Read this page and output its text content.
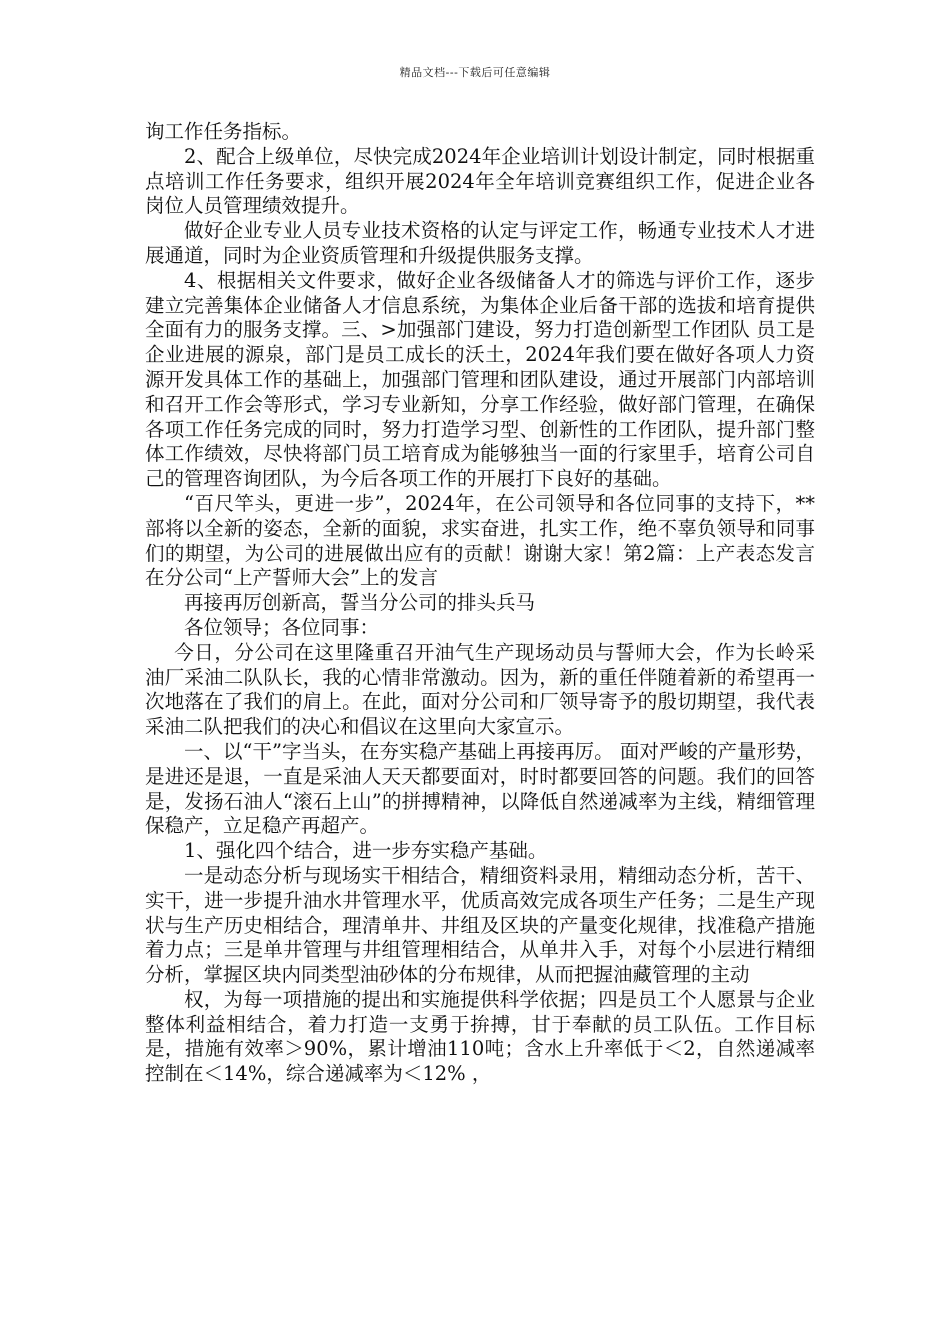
精品文档---下载后可任意编辑

询工作任务指标。

2、配合上级单位，尽快完成2024年企业培训计划设计制定，同时根据重点培训工作任务要求，组织开展2024年全年培训竞赛组织工作，促进企业各岗位人员管理绩效提升。

做好企业专业人员专业技术资格的认定与评定工作，畅通专业技术人才进展通道，同时为企业资质管理和升级提供服务支撑。

4、根据相关文件要求，做好企业各级储备人才的筛选与评价工作，逐步建立完善集体企业储备人才信息系统，为集体企业后备干部的选拔和培育提供全面有力的服务支撑。三、>加强部门建设，努力打造创新型工作团队 员工是企业进展的源泉，部门是员工成长的沃土，2024年我们要在做好各项人力资源开发具体工作的基础上，加强部门管理和团队建设，通过开展部门内部培训和召开工作会等形式，学习专业新知，分享工作经验，做好部门管理，在确保各项工作任务完成的同时，努力打造学习型、创新性的工作团队，提升部门整体工作绩效，尽快将部门员工培育成为能够独当一面的行家里手，培育公司自己的管理咨询团队，为今后各项工作的开展打下良好的基础。

“百尺竿头，更进一步”，2024年，在公司领导和各位同事的支持下，**部将以全新的姿态，全新的面貌，求实奋进，扎实工作，绝不辜负领导和同事们的期望，为公司的进展做出应有的贡献！谢谢大家！第2篇：上产表态发言在分公司“上产誓师大会”上的发言

再接再厉创新高，誓当分公司的排头兵马

各位领导；各位同事：

今日，分公司在这里隆重召开油气生产现场动员与誓师大会，作为长岭采油厂采油二队队长，我的心情非常激动。因为，新的重任伴随着新的希望再一次地落在了我们的肩上。在此，面对分公司和厂领导寄予的殷切期望，我代表采油二队把我们的决心和倡议在这里向大家宣示。

一、以“干”字当头，在夯实稳产基础上再接再厉。 面对严峻的产量形势，是进还是退，一直是采油人天天都要面对，时时都要回答的问题。我们的回答是，发扬石油人“滚石上山”的拼搏精神，以降低自然递减率为主线，精细管理保稳产，立足稳产再超产。

1、强化四个结合，进一步夯实稳产基础。

一是动态分析与现场实干相结合，精细资料录用，精细动态分析，苦干、实干，进一步提升油水井管理水平，优质高效完成各项生产任务；二是生产现状与生产历史相结合，理清单井、井组及区块的产量变化规律，找准稳产措施着力点；三是单井管理与井组管理相结合，从单井入手，对每个小层进行精细分析，掌握区块内同类型油砂体的分布规律，从而把握油藏管理的主动

权，为每一项措施的提出和实施提供科学依据；四是员工个人愿景与企业整体利益相结合，着力打造一支勇于拚搏，甘于奉献的员工队伍。工作目标是，措施有效率＞90%，累计增油110吨；含水上升率低于＜2，自然递减率控制在＜14%，综合递减率为＜12% ，
